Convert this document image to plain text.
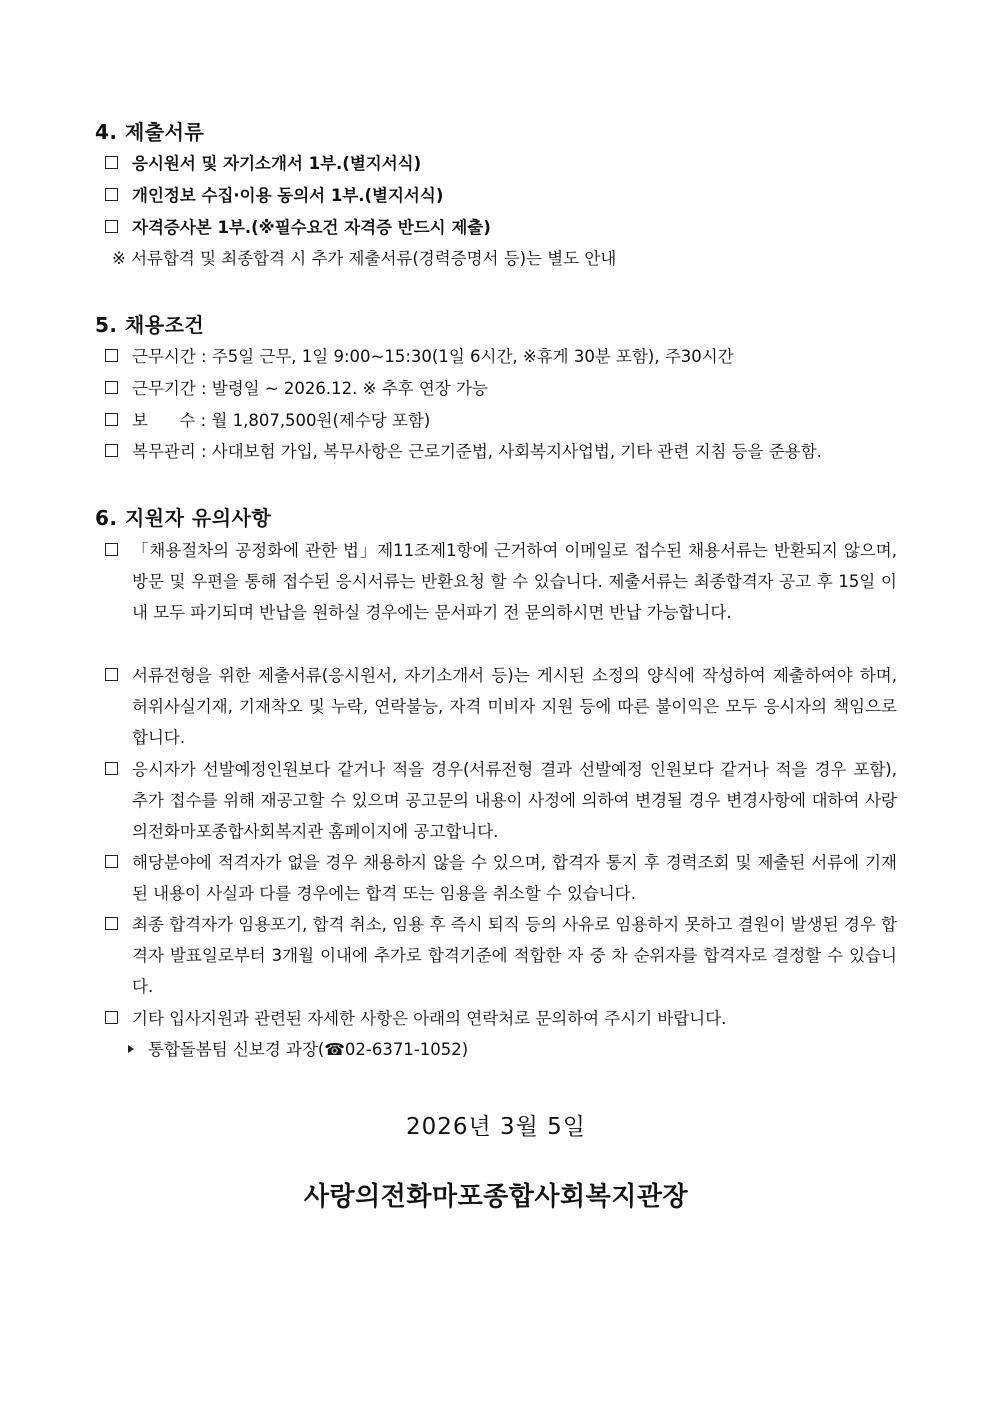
4. 제출서류
응시원서 및 자기소개서 1부.(별지서식)
개인정보 수집·이용 동의서 1부.(별지서식)
자격증사본 1부.(※필수요건 자격증 반드시 제출)
※ 서류합격 및 최종합격 시 추가 제출서류(경력증명서 등)는 별도 안내
5. 채용조건
근무시간 : 주5일 근무, 1일 9:00~15:30(1일 6시간, ※휴게 30분 포함), 주30시간
근무기간 : 발령일 ~ 2026.12. ※ 추후 연장 가능
보      수 : 월 1,807,500원(제수당 포함)
복무관리 : 사대보험 가입, 복무사항은 근로기준법, 사회복지사업법, 기타 관련 지침 등을 준용함.
6. 지원자 유의사항
「채용절차의 공정화에 관한 법」제11조제1항에 근거하여 이메일로 접수된 채용서류는 반환되지 않으며, 방문 및 우편을 통해 접수된 응시서류는 반환요청 할 수 있습니다. 제출서류는 최종합격자 공고 후 15일 이내 모두 파기되며 반납을 원하실 경우에는 문서파기 전 문의하시면 반납 가능합니다.
서류전형을 위한 제출서류(응시원서, 자기소개서 등)는 게시된 소정의 양식에 작성하여 제출하여야 하며, 허위사실기재, 기재착오 및 누락, 연락불능, 자격 미비자 지원 등에 따른 불이익은 모두 응시자의 책임으로 합니다.
응시자가 선발예정인원보다 같거나 적을 경우(서류전형 결과 선발예정 인원보다 같거나 적을 경우 포함), 추가 접수를 위해 재공고할 수 있으며 공고문의 내용이 사정에 의하여 변경될 경우 변경사항에 대하여 사랑의전화마포종합사회복지관 홈페이지에 공고합니다.
해당분야에 적격자가 없을 경우 채용하지 않을 수 있으며, 합격자 통지 후 경력조회 및 제출된 서류에 기재된 내용이 사실과 다를 경우에는 합격 또는 임용을 취소할 수 있습니다.
최종 합격자가 임용포기, 합격 취소, 임용 후 즉시 퇴직 등의 사유로 임용하지 못하고 결원이 발생된 경우 합격자 발표일로부터 3개월 이내에 추가로 합격기준에 적합한 자 중 차 순위자를 합격자로 결정할 수 있습니다.
기타 입사지원과 관련된 자세한 사항은 아래의 연락처로 문의하여 주시기 바랍니다.
통합돌봄팀 신보경 과장(☎02-6371-1052)
2026년 3월 5일
사랑의전화마포종합사회복지관장
